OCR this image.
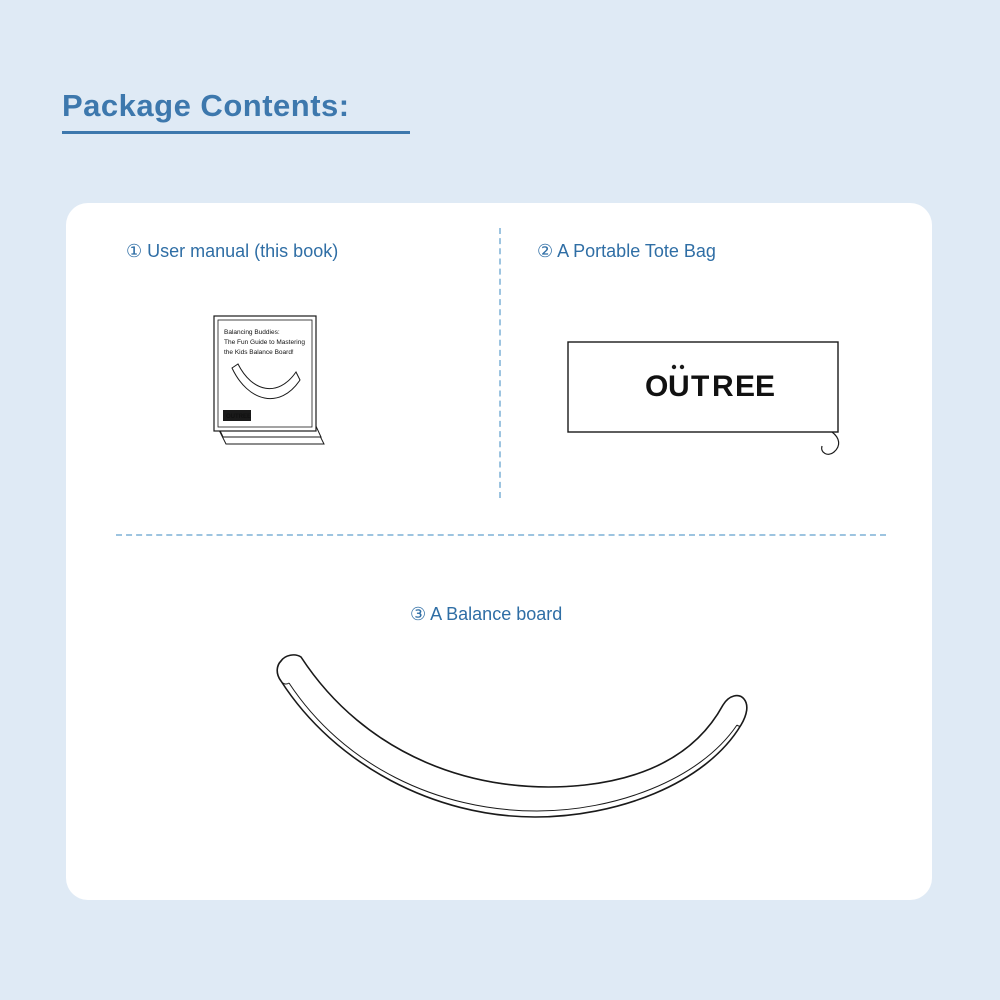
Package Contents:
① User manual (this book)	② A Portable Tote Bag
③ A Balance board
Balancing Buddies:
The Fun Guide to Mastering
the Kids Balance Board!
OUTREE
O
U T R E
E
